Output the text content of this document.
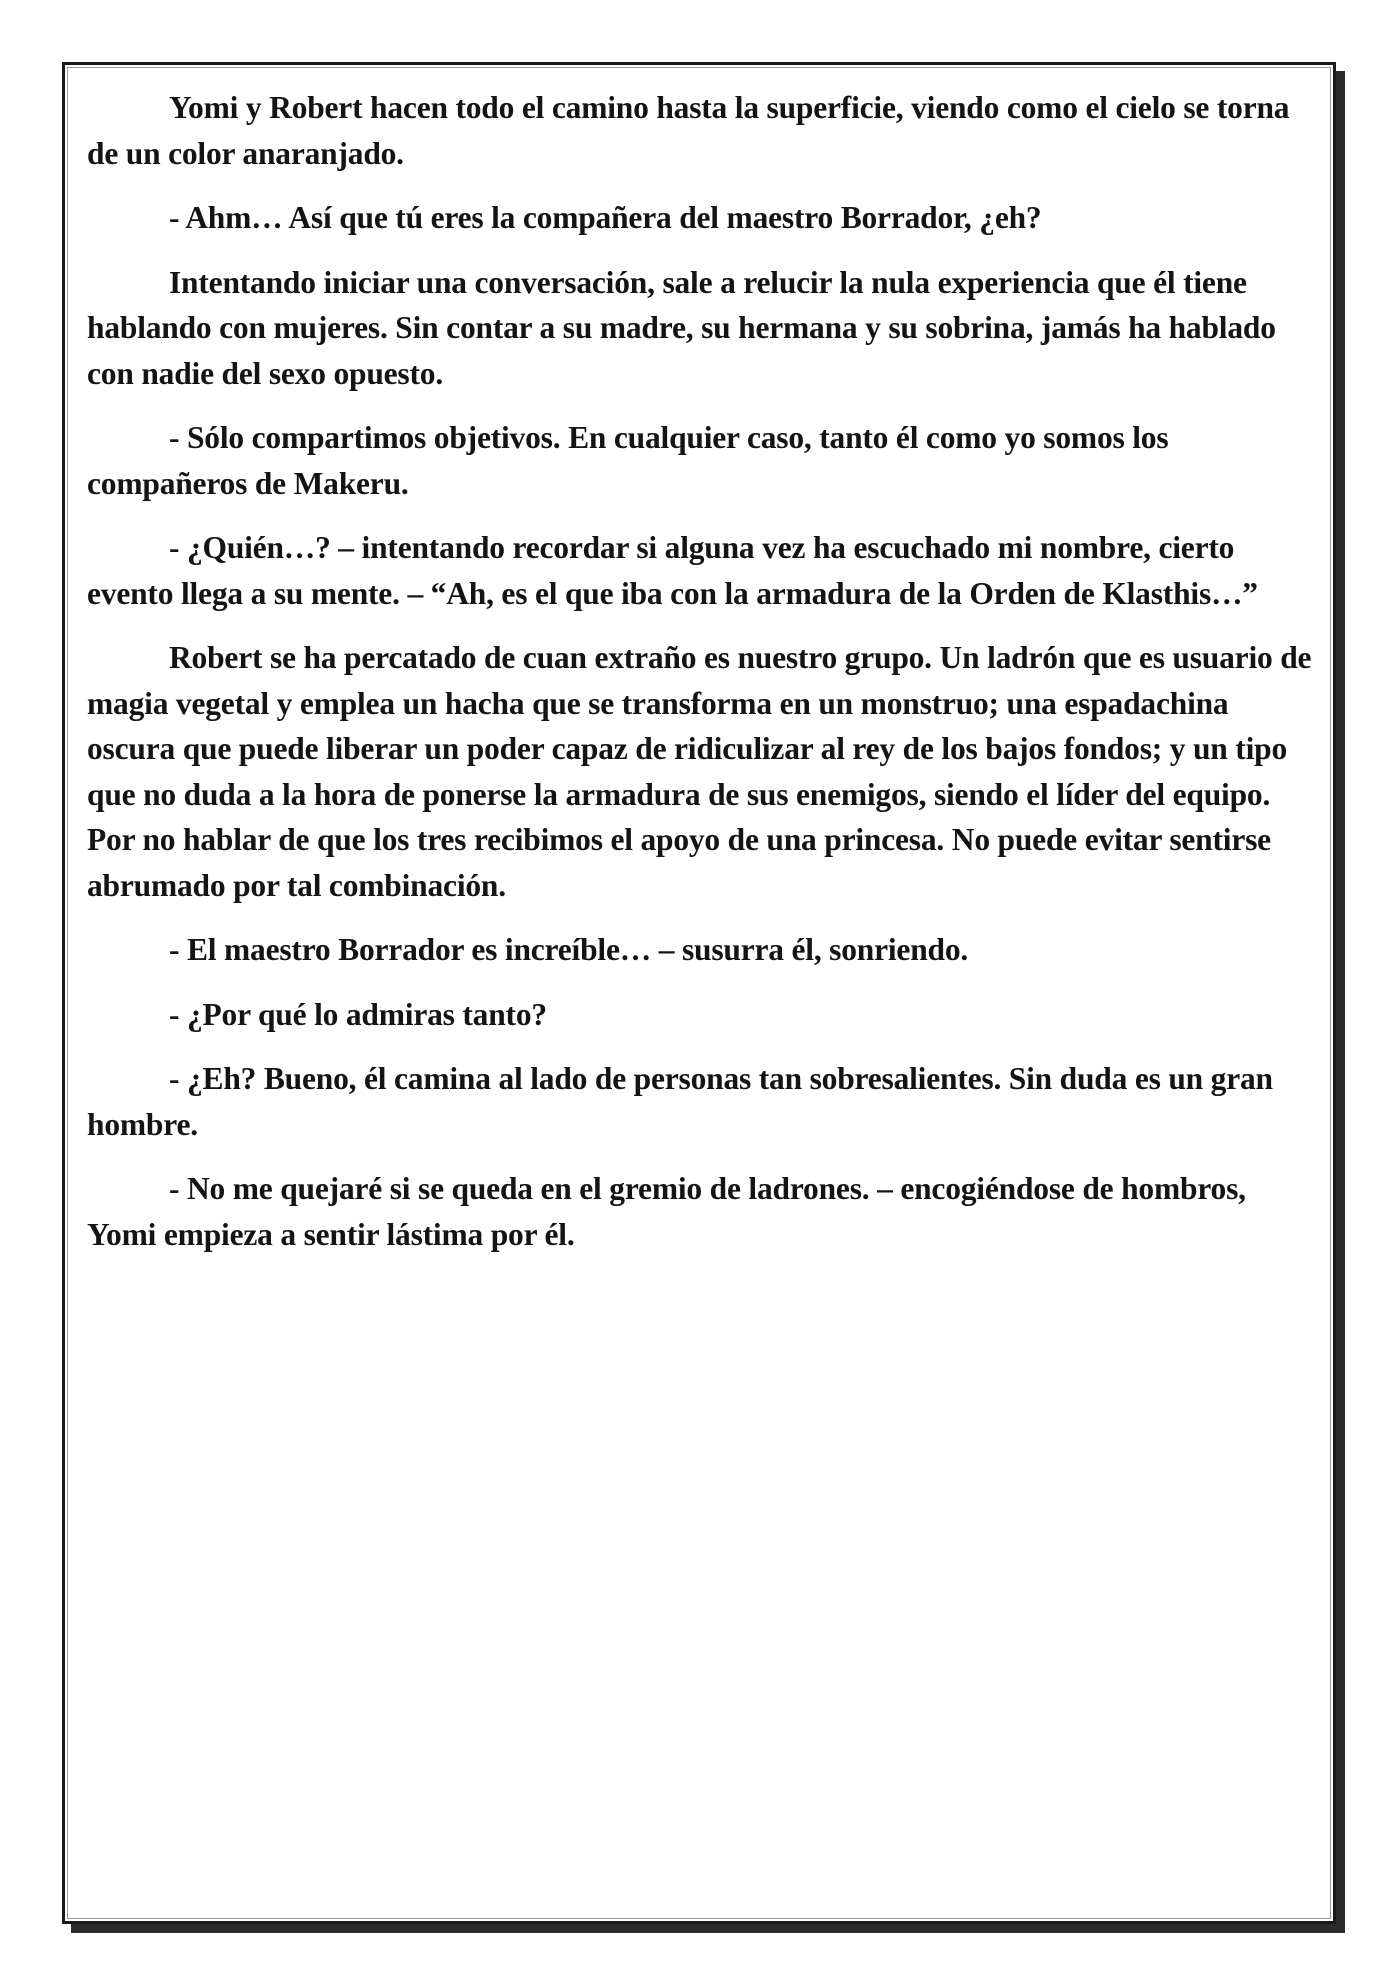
Yomi y Robert hacen todo el camino hasta la superficie, viendo como el cielo se torna de un color anaranjado.

- Ahm… Así que tú eres la compañera del maestro Borrador, ¿eh?

Intentando iniciar una conversación, sale a relucir la nula experiencia que él tiene hablando con mujeres. Sin contar a su madre, su hermana y su sobrina, jamás ha hablado con nadie del sexo opuesto.

- Sólo compartimos objetivos. En cualquier caso, tanto él como yo somos los compañeros de Makeru.

- ¿Quién…? – intentando recordar si alguna vez ha escuchado mi nombre, cierto evento llega a su mente. – “Ah, es el que iba con la armadura de la Orden de Klasthis…”

Robert se ha percatado de cuan extraño es nuestro grupo. Un ladrón que es usuario de magia vegetal y emplea un hacha que se transforma en un monstruo; una espadachina oscura que puede liberar un poder capaz de ridiculizar al rey de los bajos fondos; y un tipo que no duda a la hora de ponerse la armadura de sus enemigos, siendo el líder del equipo. Por no hablar de que los tres recibimos el apoyo de una princesa. No puede evitar sentirse abrumado por tal combinación.

- El maestro Borrador es increíble… – susurra él, sonriendo.

- ¿Por qué lo admiras tanto?

- ¿Eh? Bueno, él camina al lado de personas tan sobresalientes. Sin duda es un gran hombre.

- No me quejaré si se queda en el gremio de ladrones. – encogiéndose de hombros, Yomi empieza a sentir lástima por él.
